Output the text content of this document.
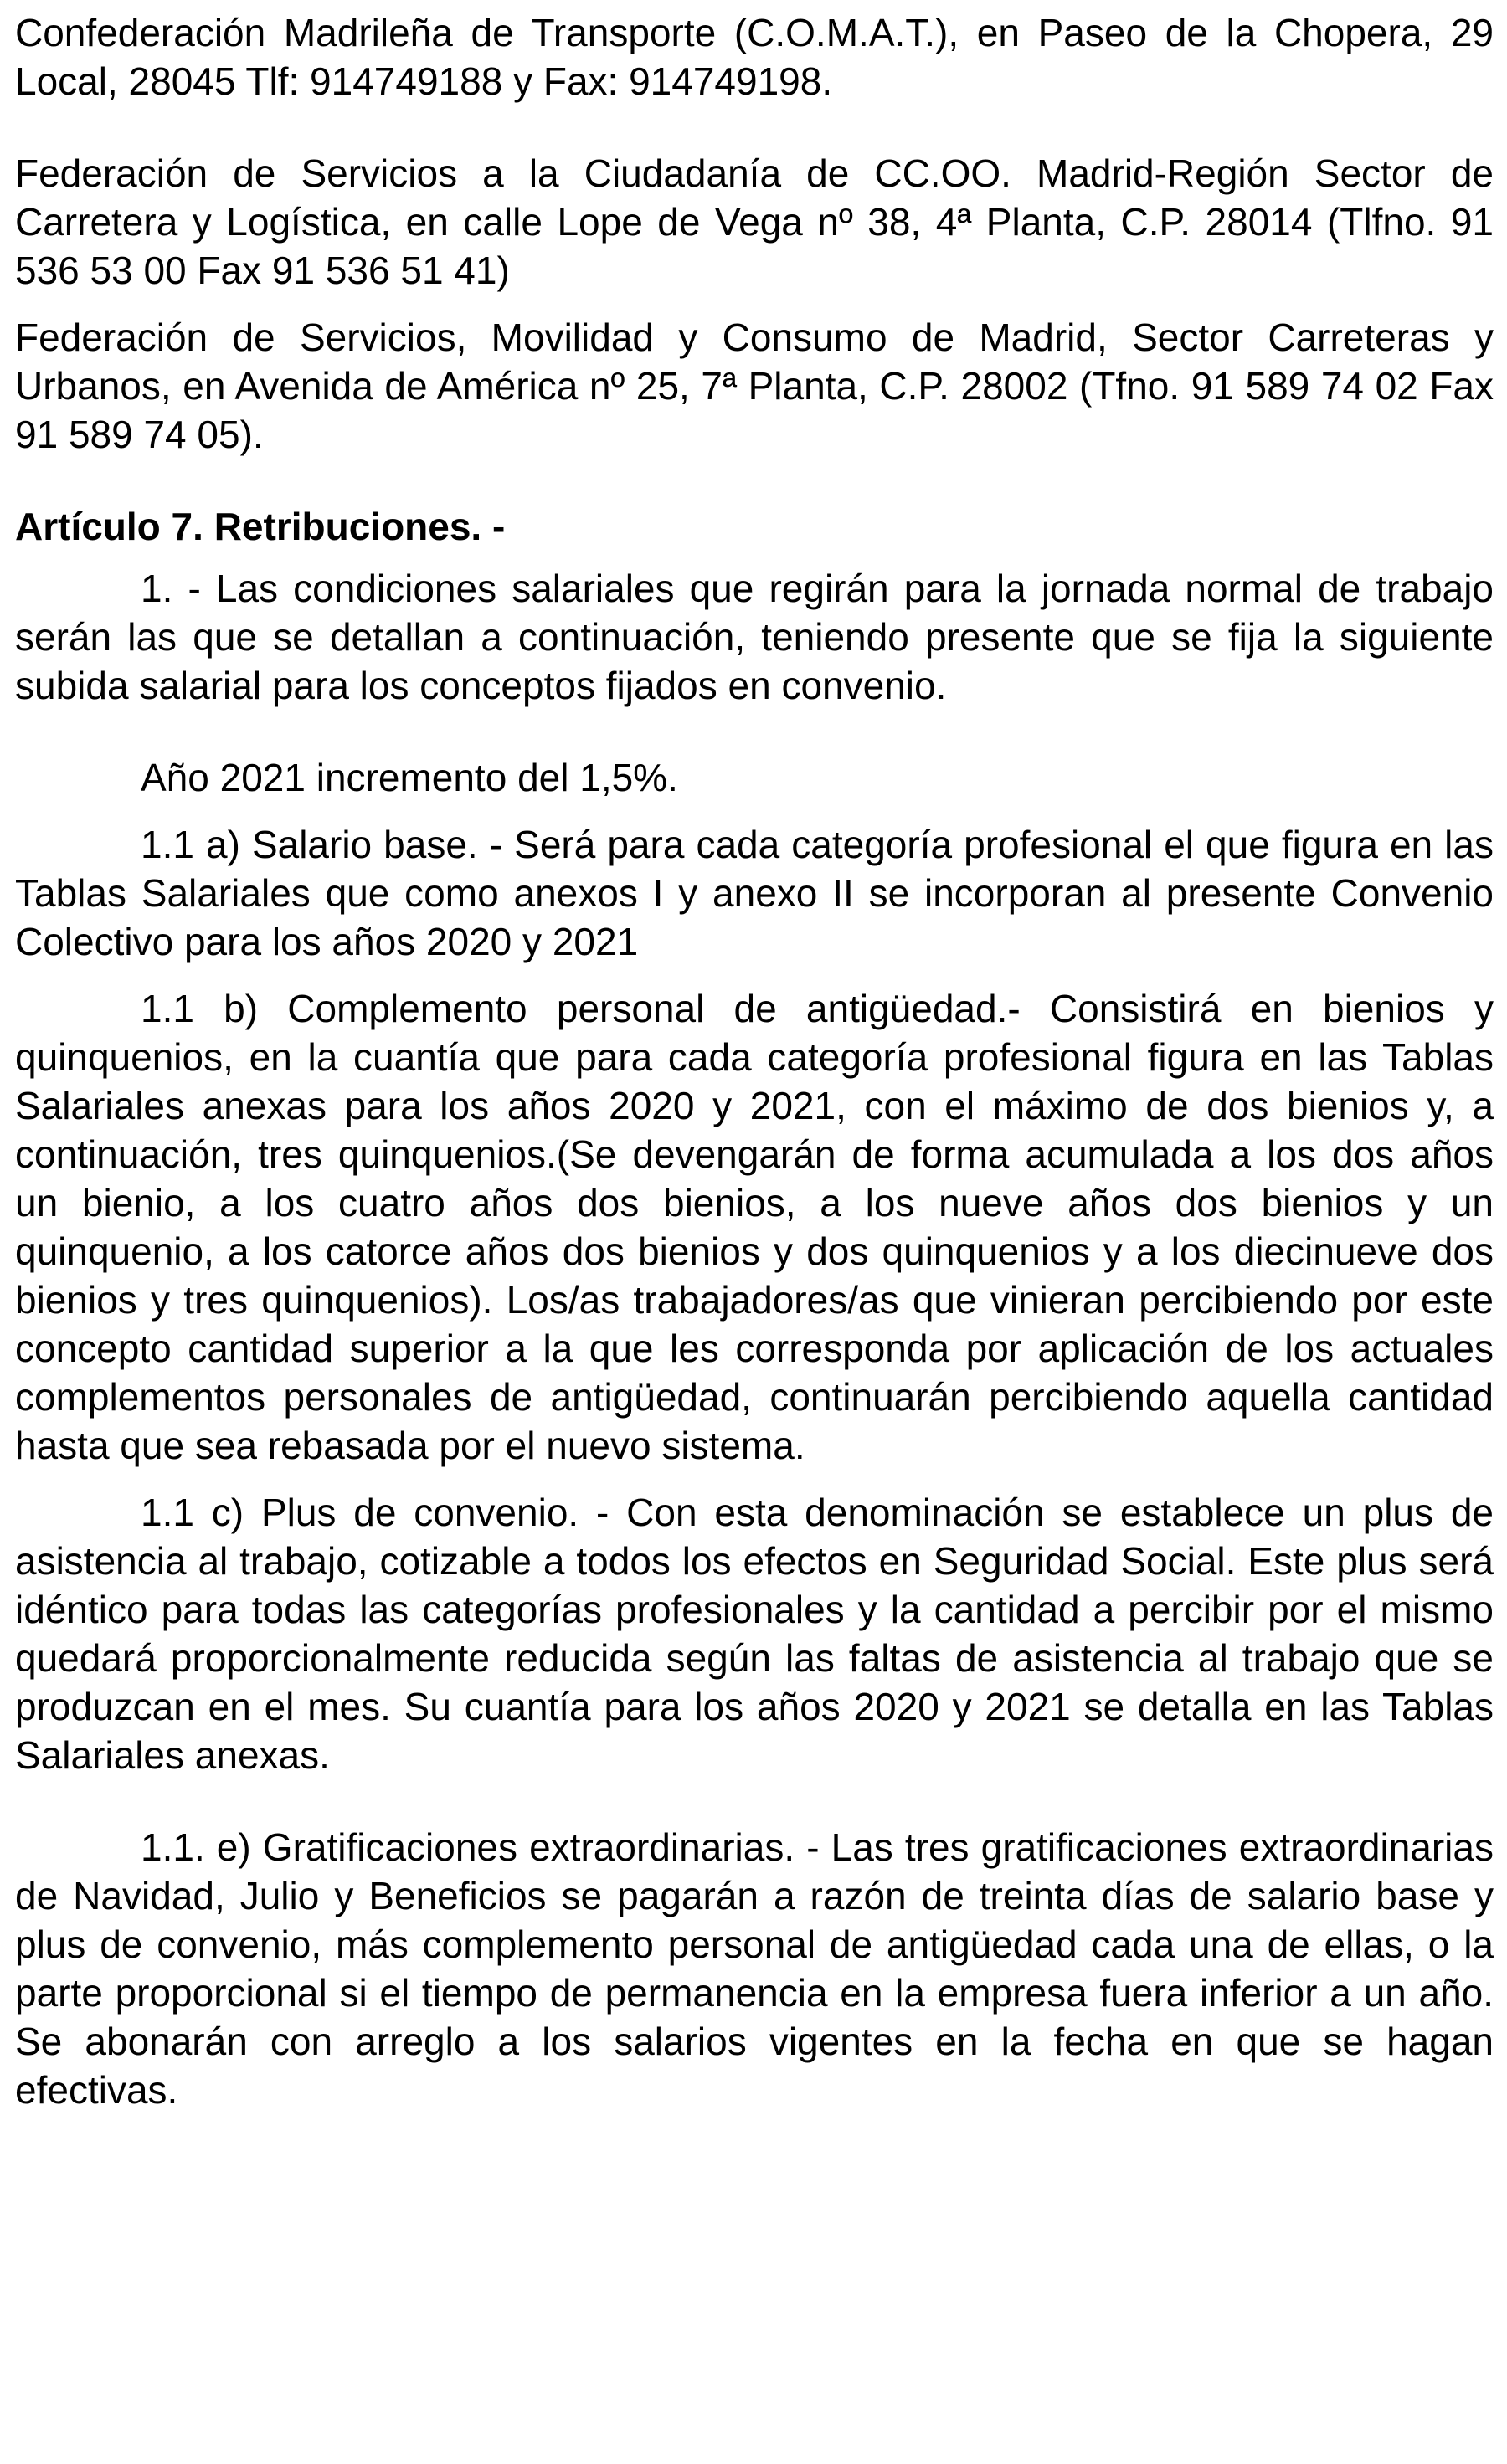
Confederación Madrileña de Transporte (C.O.M.A.T.), en Paseo de la Chopera, 29 Local, 28045 Tlf: 914749188 y Fax: 914749198.

Federación de Servicios a la Ciudadanía de CC.OO. Madrid-Región Sector de Carretera y Logística, en calle Lope de Vega nº 38, 4ª Planta, C.P. 28014 (Tlfno. 91 536 53 00 Fax 91 536 51 41)

Federación de Servicios, Movilidad y Consumo de Madrid, Sector Carreteras y Urbanos, en Avenida de América nº 25, 7ª Planta, C.P. 28002 (Tfno. 91 589 74 02 Fax 91 589 74 05).

Artículo 7. Retribuciones. -

1. - Las condiciones salariales que regirán para la jornada normal de trabajo serán las que se detallan a continuación, teniendo presente que se fija la siguiente subida salarial para los conceptos fijados en convenio.

Año 2021 incremento del 1,5%.

1.1 a) Salario base. - Será para cada categoría profesional el que figura en las Tablas Salariales que como anexos I y anexo II se incorporan al presente Convenio Colectivo para los años 2020 y 2021

1.1 b) Complemento personal de antigüedad.- Consistirá en bienios y quinquenios, en la cuantía que para cada categoría profesional figura en las Tablas Salariales anexas para los años 2020 y 2021, con el máximo de dos bienios y, a continuación, tres quinquenios.(Se devengarán de forma acumulada a los dos años un bienio, a los cuatro años dos bienios, a los nueve años dos bienios y un quinquenio, a los catorce años dos bienios y dos quinquenios y a los diecinueve dos bienios y tres quinquenios). Los/as trabajadores/as que vinieran percibiendo por este concepto cantidad superior a la que les corresponda por aplicación de los actuales complementos personales de antigüedad, continuarán percibiendo aquella cantidad hasta que sea rebasada por el nuevo sistema.

1.1 c) Plus de convenio. - Con esta denominación se establece un plus de asistencia al trabajo, cotizable a todos los efectos en Seguridad Social. Este plus será idéntico para todas las categorías profesionales y la cantidad a percibir por el mismo quedará proporcionalmente reducida según las faltas de asistencia al trabajo que se produzcan en el mes. Su cuantía para los años 2020 y 2021 se detalla en las Tablas Salariales anexas.

1.1. e) Gratificaciones extraordinarias. - Las tres gratificaciones extraordinarias de Navidad, Julio y Beneficios se pagarán a razón de treinta días de salario base y plus de convenio, más complemento personal de antigüedad cada una de ellas, o la parte proporcional si el tiempo de permanencia en la empresa fuera inferior a un año. Se abonarán con arreglo a los salarios vigentes en la fecha en que se hagan efectivas.
